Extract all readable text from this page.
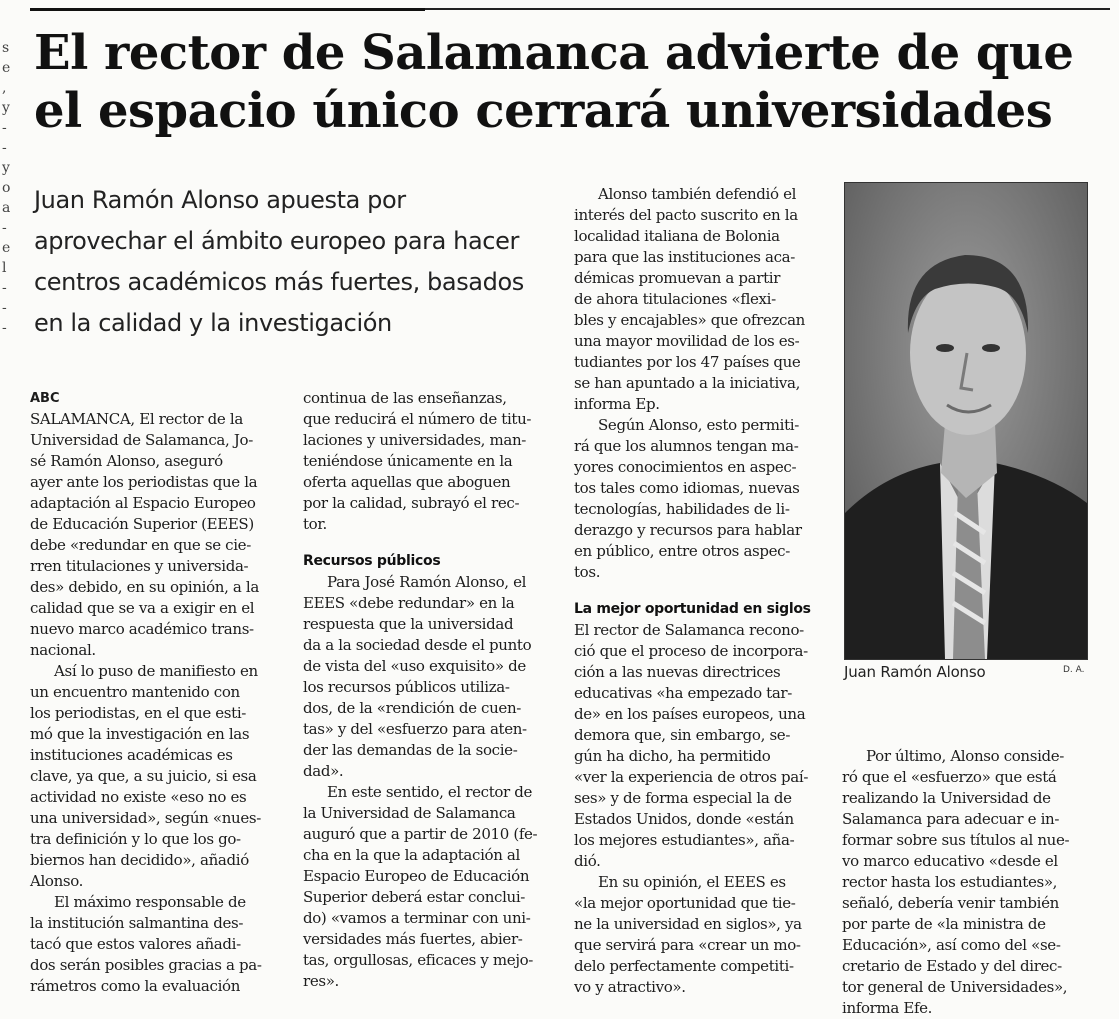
s
e
,
y
-
-
y
o
a
-
e
l
-
-
-
El rector de Salamanca advierte de que
el espacio único cerrará universidades
Juan Ramón Alonso apuesta por
aprovechar el ámbito europeo para hacer
centros académicos más fuertes, basados
en la calidad y la investigación
ABC

SALAMANCA, El rector de la
Universidad de Salamanca, Jo-
sé Ramón Alonso, aseguró
ayer ante los periodistas que la
adaptación al Espacio Europeo
de Educación Superior (EEES)
debe «redundar en que se cie-
rren titulaciones y universida-
des» debido, en su opinión, a la
calidad que se va a exigir en el
nuevo marco académico trans-
nacional.

Así lo puso de manifiesto en
un encuentro mantenido con
los periodistas, en el que esti-
mó que la investigación en las
instituciones académicas es
clave, ya que, a su juicio, si esa
actividad no existe «eso no es
una universidad», según «nues-
tra definición y lo que los go-
biernos han decidido», añadió
Alonso.

El máximo responsable de
la institución salmantina des-
tacó que estos valores añadi-
dos serán posibles gracias a pa-
rámetros como la evaluación

continua de las enseñanzas,
que reducirá el número de titu-
laciones y universidades, man-
teniéndose únicamente en la
oferta aquellas que aboguen
por la calidad, subrayó el rec-
tor.

Recursos públicos

Para José Ramón Alonso, el
EEES «debe redundar» en la
respuesta que la universidad
da a la sociedad desde el punto
de vista del «uso exquisito» de
los recursos públicos utiliza-
dos, de la «rendición de cuen-
tas» y del «esfuerzo para aten-
der las demandas de la socie-
dad».

En este sentido, el rector de
la Universidad de Salamanca
auguró que a partir de 2010 (fe-
cha en la que la adaptación al
Espacio Europeo de Educación
Superior deberá estar conclui-
do) «vamos a terminar con uni-
versidades más fuertes, abier-
tas, orgullosas, eficaces y mejo-
res».

Alonso también defendió el
interés del pacto suscrito en la
localidad italiana de Bolonia
para que las instituciones aca-
démicas promuevan a partir
de ahora titulaciones «flexi-
bles y encajables» que ofrezcan
una mayor movilidad de los es-
tudiantes por los 47 países que
se han apuntado a la iniciativa,
informa Ep.

Según Alonso, esto permiti-
rá que los alumnos tengan ma-
yores conocimientos en aspec-
tos tales como idiomas, nuevas
tecnologías, habilidades de li-
derazgo y recursos para hablar
en público, entre otros aspec-
tos.

La mejor oportunidad en siglos

El rector de Salamanca recono-
ció que el proceso de incorpora-
ción a las nuevas directrices
educativas «ha empezado tar-
de» en los países europeos, una
demora que, sin embargo, se-
gún ha dicho, ha permitido
«ver la experiencia de otros paí-
ses» y de forma especial la de
Estados Unidos, donde «están
los mejores estudiantes», aña-
dió.

En su opinión, el EEES es
«la mejor oportunidad que tie-
ne la universidad en siglos», ya
que servirá para «crear un mo-
delo perfectamente competiti-
vo y atractivo».

Juan Ramón Alonso	D. A.

Por último, Alonso conside-
ró que el «esfuerzo» que está
realizando la Universidad de
Salamanca para adecuar e in-
formar sobre sus títulos al nue-
vo marco educativo «desde el
rector hasta los estudiantes»,
señaló, debería venir también
por parte de «la ministra de
Educación», así como del «se-
cretario de Estado y del direc-
tor general de Universidades»,
informa Efe.
